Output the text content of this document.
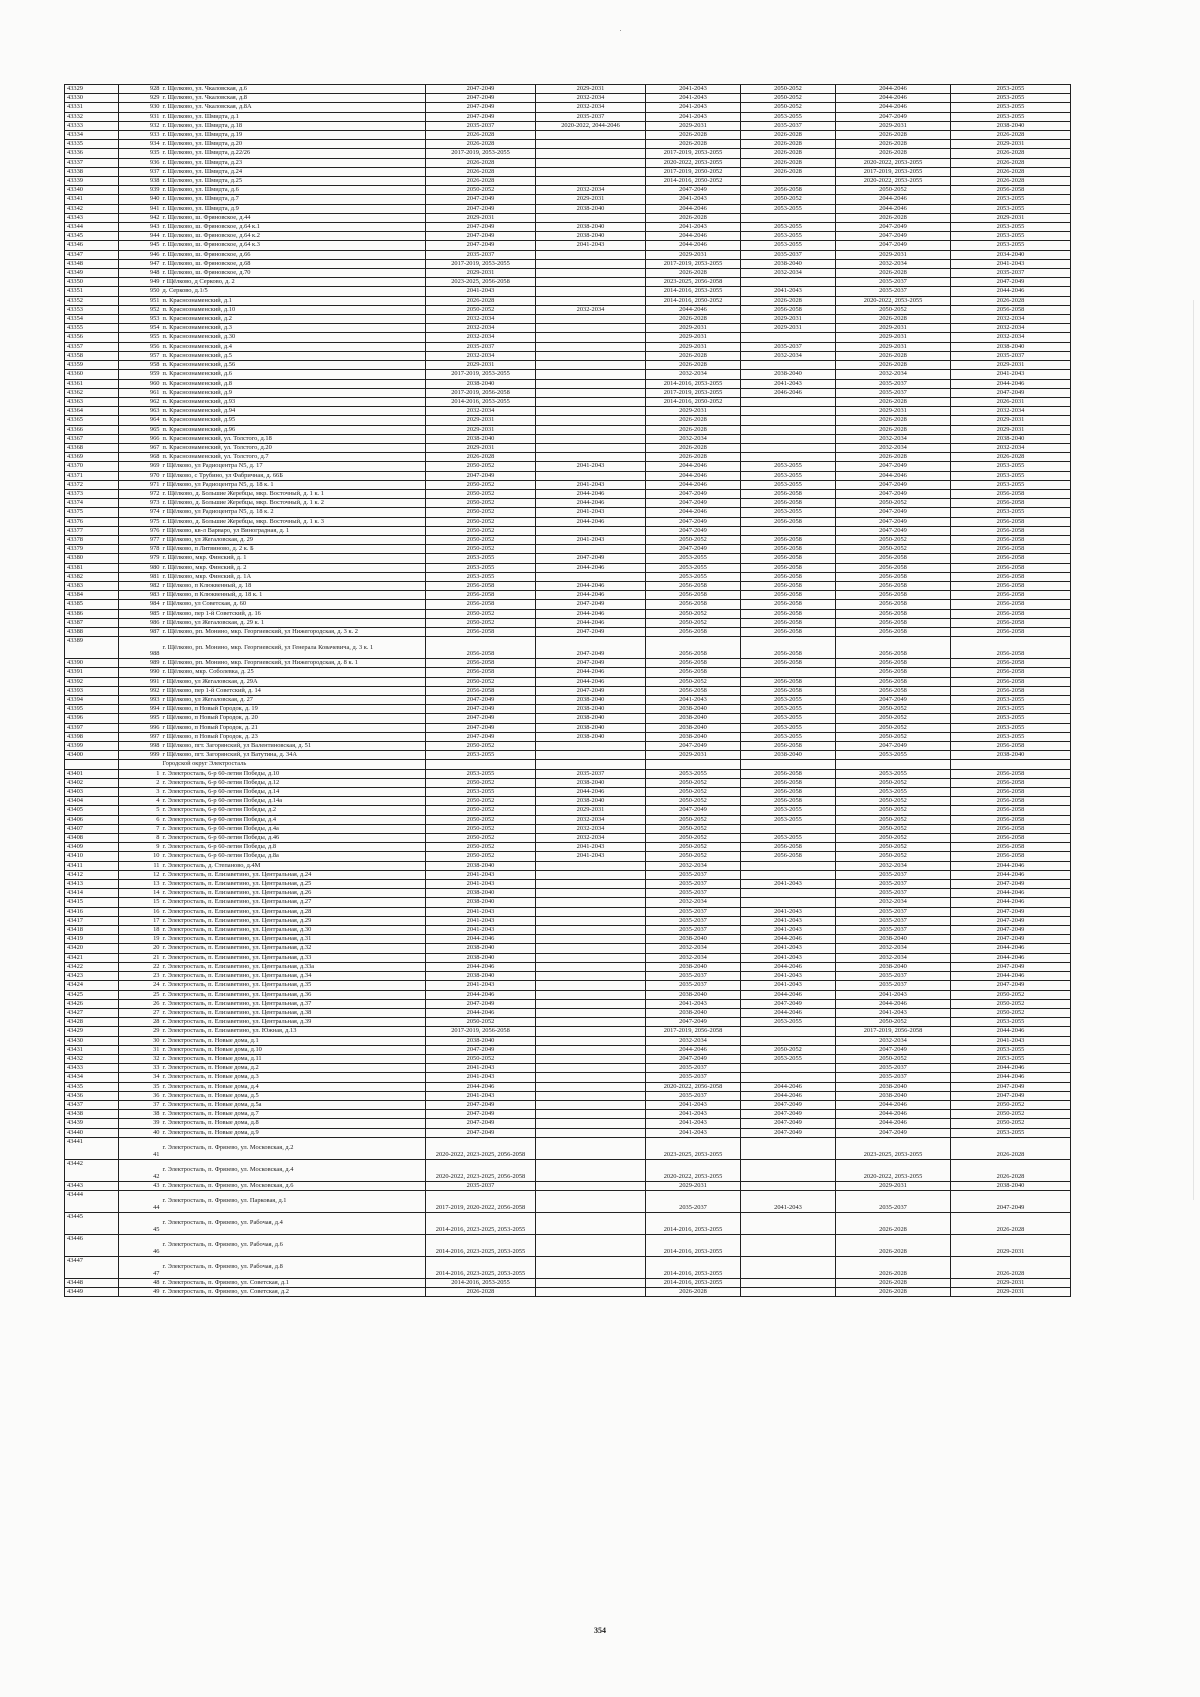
43329	928	г. Щелково, ул. Чкаловская, д.6	2047-2049	2029-2031	2041-2043	2050-2052	2044-2046	2053-2055
43330	929	г. Щелково, ул. Чкаловская, д.8	2047-2049	2032-2034	2041-2043	2050-2052	2044-2046	2053-2055
43331	930	г. Щелково, ул. Чкаловская, д.8А	2047-2049	2032-2034	2041-2043	2050-2052	2044-2046	2053-2055
43332	931	г. Щелково, ул. Шмидта, д.1	2047-2049	2035-2037	2041-2043	2053-2055	2047-2049	2053-2055
43333	932	г. Щелково, ул. Шмидта, д.18	2035-2037	2020-2022, 2044-2046	2029-2031	2035-2037	2029-2031	2038-2040
43334	933	г. Щелково, ул. Шмидта, д.19	2026-2028		2026-2028	2026-2028	2026-2028	2026-2028
43335	934	г. Щелково, ул. Шмидта, д.20	2026-2028		2026-2028	2026-2028	2026-2028	2029-2031
43336	935	г. Щелково, ул. Шмидта, д.22/26	2017-2019, 2053-2055		2017-2019, 2053-2055	2026-2028	2026-2028	2026-2028
43337	936	г. Щелково, ул. Шмидта, д.23	2026-2028		2020-2022, 2053-2055	2026-2028	2020-2022, 2053-2055	2026-2028
43338	937	г. Щелково, ул. Шмидта, д.24	2026-2028		2017-2019, 2050-2052	2026-2028	2017-2019, 2053-2055	2026-2028
43339	938	г. Щелково, ул. Шмидта, д.25	2026-2028		2014-2016, 2050-2052		2020-2022, 2053-2055	2026-2028
43340	939	г. Щелково, ул. Шмидта, д.6	2050-2052	2032-2034	2047-2049	2056-2058	2050-2052	2056-2058
43341	940	г. Щелково, ул. Шмидта, д.7	2047-2049	2029-2031	2041-2043	2050-2052	2044-2046	2053-2055
43342	941	г. Щелково, ул. Шмидта, д.9	2047-2049	2038-2040	2044-2046	2053-2055	2044-2046	2053-2055
43343	942	г. Щелково, ш. Фряновское, д.44	2029-2031		2026-2028		2026-2028	2029-2031
43344	943	г. Щелково, ш. Фряновское, д.64 к.1	2047-2049	2038-2040	2041-2043	2053-2055	2047-2049	2053-2055
43345	944	г. Щелково, ш. Фряновское, д.64 к.2	2047-2049	2038-2040	2044-2046	2053-2055	2047-2049	2053-2055
43346	945	г. Щелково, ш. Фряновское, д.64 к.3	2047-2049	2041-2043	2044-2046	2053-2055	2047-2049	2053-2055
43347	946	г. Щелково, ш. Фряновское, д.66	2035-2037		2029-2031	2035-2037	2029-2031	2034-2040
43348	947	г. Щелково, ш. Фряновское, д.68	2017-2019, 2053-2055		2017-2019, 2053-2055	2038-2040	2032-2034	2041-2043
43349	948	г. Щелково, ш. Фряновское, д.70	2029-2031		2026-2028	2032-2034	2026-2028	2035-2037
43350	949	г Щёлково, д Серково, д. 2	2023-2025, 2056-2058		2023-2025, 2056-2058		2035-2037	2047-2049
43351	950	д. Серково, д.1/5	2041-2043		2014-2016, 2053-2055	2041-2043	2035-2037	2044-2046
43352	951	п. Краснознаменский, д.1	2026-2028		2014-2016, 2050-2052	2026-2028	2020-2022, 2053-2055	2026-2028
43353	952	п. Краснознаменский, д.10	2050-2052	2032-2034	2044-2046	2056-2058	2050-2052	2056-2058
43354	953	п. Краснознаменский, д.2	2032-2034		2026-2028	2029-2031	2026-2028	2032-2034
43355	954	п. Краснознаменский, д.3	2032-2034		2029-2031	2029-2031	2029-2031	2032-2034
43356	955	п. Краснознаменский, д.30	2032-2034		2029-2031		2029-2031	2032-2034
43357	956	п. Краснознаменский, д.4	2035-2037		2029-2031	2035-2037	2029-2031	2038-2040
43358	957	п. Краснознаменский, д.5	2032-2034		2026-2028	2032-2034	2026-2028	2035-2037
43359	958	п. Краснознаменский, д.56	2029-2031		2026-2028		2026-2028	2029-2031
43360	959	п. Краснознаменский, д.6	2017-2019, 2053-2055		2032-2034	2038-2040	2032-2034	2041-2043
43361	960	п. Краснознаменский, д.8	2038-2040		2014-2016, 2053-2055	2041-2043	2035-2037	2044-2046
43362	961	п. Краснознаменский, д.9	2017-2019, 2056-2058		2017-2019, 2053-2055	2046-2046	2035-2037	2047-2049
43363	962	п. Краснознаменский, д.93	2014-2016, 2053-2055		2014-2016, 2050-2052		2026-2028	2026-2031
43364	963	п. Краснознаменский, д.94	2032-2034		2029-2031		2029-2031	2032-2034
43365	964	п. Краснознаменский, д.95	2029-2031		2026-2028		2026-2028	2029-2031
43366	965	п. Краснознаменский, д.96	2029-2031		2026-2028		2026-2028	2029-2031
43367	966	п. Краснознаменский, ул. Толстого, д.18	2038-2040		2032-2034		2032-2034	2038-2040
43368	967	п. Краснознаменский, ул. Толстого, д.20	2029-2031		2026-2028		2032-2034	2032-2034
43369	968	п. Краснознаменский, ул. Толстого, д.7	2026-2028		2026-2028		2026-2028	2026-2028
43370	969	г Щёлково, ул Радиоцентра N5, д. 17	2050-2052	2041-2043	2044-2046	2053-2055	2047-2049	2053-2055
43371	970	г Щёлково, с Трубино, ул Фабричная, д. 66Б	2047-2049		2044-2046	2053-2055	2044-2046	2053-2055
43372	971	г Щёлково, ул Радиоцентра N5, д. 18 к. 1	2050-2052	2041-2043	2044-2046	2053-2055	2047-2049	2053-2055
43373	972	г. Щёлково, д. Большие Жеребцы, мкр. Восточный, д. 1 к. 1	2050-2052	2044-2046	2047-2049	2056-2058	2047-2049	2056-2058
43374	973	г. Щёлково, д. Большие Жеребцы, мкр. Восточный, д. 1 к. 2	2050-2052	2044-2046	2047-2049	2056-2058	2050-2052	2056-2058
43375	974	г Щёлково, ул Радиоцентра N5, д. 18 к. 2	2050-2052	2041-2043	2044-2046	2053-2055	2047-2049	2053-2055
43376	975	г. Щёлково, д. Большие Жеребцы, мкр. Восточный, д. 1 к. 3	2050-2052	2044-2046	2047-2049	2056-2058	2047-2049	2056-2058
43377	976	г Щёлково, кв-л Варваро, ул Виноградная, д. 1	2050-2052		2047-2049		2047-2049	2056-2058
43378	977	г Щёлково, ул Жегаловская, д. 29	2050-2052	2041-2043	2050-2052	2056-2058	2050-2052	2056-2058
43379	978	г Щёлково, п Литвиново, д. 2 к. Б	2050-2052		2047-2049	2056-2058	2050-2052	2056-2058
43380	979	г. Щёлково, мкр. Финский, д. 1	2053-2055	2047-2049	2053-2055	2056-2058	2056-2058	2056-2058
43381	980	г. Щёлково, мкр. Финский, д. 2	2053-2055	2044-2046	2053-2055	2056-2058	2056-2058	2056-2058
43382	981	г. Щёлково, мкр. Финский, д. 1А	2053-2055		2053-2055	2056-2058	2056-2058	2056-2058
43383	982	г Щёлково, п Клюквенный, д. 18	2056-2058	2044-2046	2056-2058	2056-2058	2056-2058	2056-2058
43384	983	г Щёлково, п Клюквенный, д. 18 к. 1	2056-2058	2044-2046	2056-2058	2056-2058	2056-2058	2056-2058
43385	984	г Щёлково, ул Советская, д. 60	2056-2058	2047-2049	2056-2058	2056-2058	2056-2058	2056-2058
43386	985	г Щёлково, пер 1-й Советский, д. 16	2050-2052	2044-2046	2050-2052	2056-2058	2056-2058	2056-2058
43387	986	г Щёлково, ул Жегаловская, д. 29 к. 1	2050-2052	2044-2046	2050-2052	2056-2058	2056-2058	2056-2058
43388	987	г. Щёлково, рп. Монино, мкр. Георгиевский, ул Нижегородская, д. 3 к. 2	2056-2058	2047-2049	2056-2058	2056-2058	2056-2058	2056-2058
43389	988	г. Щёлково, рп. Монино, мкр. Георгиевский, ул Генерала Ковачевича, д. 3 к. 1	2056-2058	2047-2049	2056-2058	2056-2058	2056-2058	2056-2058
43390	989	г. Щёлково, рп. Монино, мкр. Георгиевский, ул Нижегородская, д. 8 к. 1	2056-2058	2047-2049	2056-2058	2056-2058	2056-2058	2056-2058
43391	990	г. Щёлково, мкр. Соболевка, д. 25	2056-2058	2044-2046	2056-2058		2056-2058	2056-2058
43392	991	г Щёлково, ул Жегаловская, д. 29А	2050-2052	2044-2046	2050-2052	2056-2058	2056-2058	2056-2058
43393	992	г Щёлково, пер 1-й Советский, д. 14	2056-2058	2047-2049	2056-2058	2056-2058	2056-2058	2056-2058
43394	993	г Щёлково, ул Жегаловская, д. 27	2047-2049	2038-2040	2041-2043	2053-2055	2047-2049	2053-2055
43395	994	г Щёлково, п Новый Городок, д. 19	2047-2049	2038-2040	2038-2040	2053-2055	2050-2052	2053-2055
43396	995	г Щёлково, п Новый Городок, д. 20	2047-2049	2038-2040	2038-2040	2053-2055	2050-2052	2053-2055
43397	996	г Щёлково, п Новый Городок, д. 21	2047-2049	2038-2040	2038-2040	2053-2055	2050-2052	2053-2055
43398	997	г Щёлково, п Новый Городок, д. 23	2047-2049	2038-2040	2038-2040	2053-2055	2050-2052	2053-2055
43399	998	г Щёлково, пгт. Загорянский, ул Валентиновская, д. 51	2050-2052		2047-2049	2056-2058	2047-2049	2056-2058
43400	999	г Щёлково, пгт. Загорянский, ул Ватутина, д. 34А	2053-2055		2029-2031	2038-2040	2053-2055	2038-2040
		Городской округ Электросталь						
43401	1	г. Электросталь, 6-р 60-летия Победы, д.10	2053-2055	2035-2037	2053-2055	2056-2058	2053-2055	2056-2058
43402	2	г. Электросталь, 6-р 60-летия Победы, д.12	2050-2052	2038-2040	2050-2052	2056-2058	2050-2052	2056-2058
43403	3	г. Электросталь, 6-р 60-летия Победы, д.14	2053-2055	2044-2046	2050-2052	2056-2058	2053-2055	2056-2058
43404	4	г. Электросталь, 6-р 60-летия Победы, д.14а	2050-2052	2038-2040	2050-2052	2056-2058	2050-2052	2056-2058
43405	5	г. Электросталь, 6-р 60-летия Победы, д.2	2050-2052	2029-2031	2047-2049	2053-2055	2050-2052	2056-2058
43406	6	г. Электросталь, 6-р 60-летия Победы, д.4	2050-2052	2032-2034	2050-2052	2053-2055	2050-2052	2056-2058
43407	7	г. Электросталь, 6-р 60-летия Победы, д.4а	2050-2052	2032-2034	2050-2052		2050-2052	2056-2058
43408	8	г. Электросталь, 6-р 60-летия Победы, д.46	2050-2052	2032-2034	2050-2052	2053-2055	2050-2052	2056-2058
43409	9	г. Электросталь, 6-р 60-летия Победы, д.8	2050-2052	2041-2043	2050-2052	2056-2058	2050-2052	2056-2058
43410	10	г. Электросталь, 6-р 60-летия Победы, д.8а	2050-2052	2041-2043	2050-2052	2056-2058	2050-2052	2056-2058
43411	11	г. Электросталь, д. Степаново, д.4М	2038-2040		2032-2034		2032-2034	2044-2046
43412	12	г. Электросталь, п. Елизаветино, ул. Центральная, д.24	2041-2043		2035-2037		2035-2037	2044-2046
43413	13	г. Электросталь, п. Елизаветино, ул. Центральная, д.25	2041-2043		2035-2037	2041-2043	2035-2037	2047-2049
43414	14	г. Электросталь, п. Елизаветино, ул. Центральная, д.26	2038-2040		2035-2037		2035-2037	2044-2046
43415	15	г. Электросталь, п. Елизаветино, ул. Центральная, д.27	2038-2040		2032-2034		2032-2034	2044-2046
43416	16	г. Электросталь, п. Елизаветино, ул. Центральная, д.28	2041-2043		2035-2037	2041-2043	2035-2037	2047-2049
43417	17	г. Электросталь, п. Елизаветино, ул. Центральная, д.29	2041-2043		2035-2037	2041-2043	2035-2037	2047-2049
43418	18	г. Электросталь, п. Елизаветино, ул. Центральная, д.30	2041-2043		2035-2037	2041-2043	2035-2037	2047-2049
43419	19	г. Электросталь, п. Елизаветино, ул. Центральная, д.31	2044-2046		2038-2040	2044-2046	2038-2040	2047-2049
43420	20	г. Электросталь, п. Елизаветино, ул. Центральная, д.32	2038-2040		2032-2034	2041-2043	2032-2034	2044-2046
43421	21	г. Электросталь, п. Елизаветино, ул. Центральная, д.33	2038-2040		2032-2034	2041-2043	2032-2034	2044-2046
43422	22	г. Электросталь, п. Елизаветино, ул. Центральная, д.33а	2044-2046		2038-2040	2044-2046	2038-2040	2047-2049
43423	23	г. Электросталь, п. Елизаветино, ул. Центральная, д.34	2038-2040		2035-2037	2041-2043	2035-2037	2044-2046
43424	24	г. Электросталь, п. Елизаветино, ул. Центральная, д.35	2041-2043		2035-2037	2041-2043	2035-2037	2047-2049
43425	25	г. Электросталь, п. Елизаветино, ул. Центральная, д.36	2044-2046		2038-2040	2044-2046	2041-2043	2050-2052
43426	26	г. Электросталь, п. Елизаветино, ул. Центральная, д.37	2047-2049		2041-2043	2047-2049	2044-2046	2050-2052
43427	27	г. Электросталь, п. Елизаветино, ул. Центральная, д.38	2044-2046		2038-2040	2044-2046	2041-2043	2050-2052
43428	28	г. Электросталь, п. Елизаветино, ул. Центральная, д.39	2050-2052		2047-2049	2053-2055	2050-2052	2053-2055
43429	29	г. Электросталь, п. Елизаветино, ул. Южная, д.13	2017-2019, 2056-2058		2017-2019, 2056-2058		2017-2019, 2056-2058	2044-2046
43430	30	г. Электросталь, п. Новые дома, д.1	2038-2040		2032-2034		2032-2034	2041-2043
43431	31	г. Электросталь, п. Новые дома, д.10	2047-2049		2044-2046	2050-2052	2047-2049	2053-2055
43432	32	г. Электросталь, п. Новые дома, д.11	2050-2052		2047-2049	2053-2055	2050-2052	2053-2055
43433	33	г. Электросталь, п. Новые дома, д.2	2041-2043		2035-2037		2035-2037	2044-2046
43434	34	г. Электросталь, п. Новые дома, д.3	2041-2043		2035-2037		2035-2037	2044-2046
43435	35	г. Электросталь, п. Новые дома, д.4	2044-2046		2020-2022, 2056-2058	2044-2046	2038-2040	2047-2049
43436	36	г. Электросталь, п. Новые дома, д.5	2041-2043		2035-2037	2044-2046	2038-2040	2047-2049
43437	37	г. Электросталь, п. Новые дома, д.5а	2047-2049		2041-2043	2047-2049	2044-2046	2050-2052
43438	38	г. Электросталь, п. Новые дома, д.7	2047-2049		2041-2043	2047-2049	2044-2046	2050-2052
43439	39	г. Электросталь, п. Новые дома, д.8	2047-2049		2041-2043	2047-2049	2044-2046	2050-2052
43440	40	г. Электросталь, п. Новые дома, д.9	2047-2049		2041-2043	2047-2049	2047-2049	2053-2055
43441	41	г. Электросталь, п. Фрязево, ул. Московская, д.2	2020-2022, 2023-2025, 2056-2058		2023-2025, 2053-2055		2023-2025, 2053-2055	2026-2028
43442	42	г. Электросталь, п. Фрязево, ул. Московская, д.4	2020-2022, 2023-2025, 2056-2058		2020-2022, 2053-2055		2020-2022, 2053-2055	2026-2028
43443	43	г. Электросталь, п. Фрязево, ул. Московская, д.6	2035-2037		2029-2031		2029-2031	2038-2040
43444	44	г. Электросталь, п. Фрязево, ул. Парковая, д.1	2017-2019, 2020-2022, 2056-2058		2035-2037	2041-2043	2035-2037	2047-2049
43445	45	г. Электросталь, п. Фрязево, ул. Рабочая, д.4	2014-2016, 2023-2025, 2053-2055		2014-2016, 2053-2055		2026-2028	2026-2028
43446	46	г. Электросталь, п. Фрязево, ул. Рабочая, д.6	2014-2016, 2023-2025, 2053-2055		2014-2016, 2053-2055		2026-2028	2029-2031
43447	47	г. Электросталь, п. Фрязево, ул. Рабочая, д.8	2014-2016, 2023-2025, 2053-2055		2014-2016, 2053-2055		2026-2028	2026-2028
43448	48	г. Электросталь, п. Фрязево, ул. Советская, д.1	2014-2016, 2053-2055		2014-2016, 2053-2055		2026-2028	2029-2031
43449	49	г. Электросталь, п. Фрязево, ул. Советская, д.2	2026-2028		2026-2028		2026-2028	2029-2031
354
